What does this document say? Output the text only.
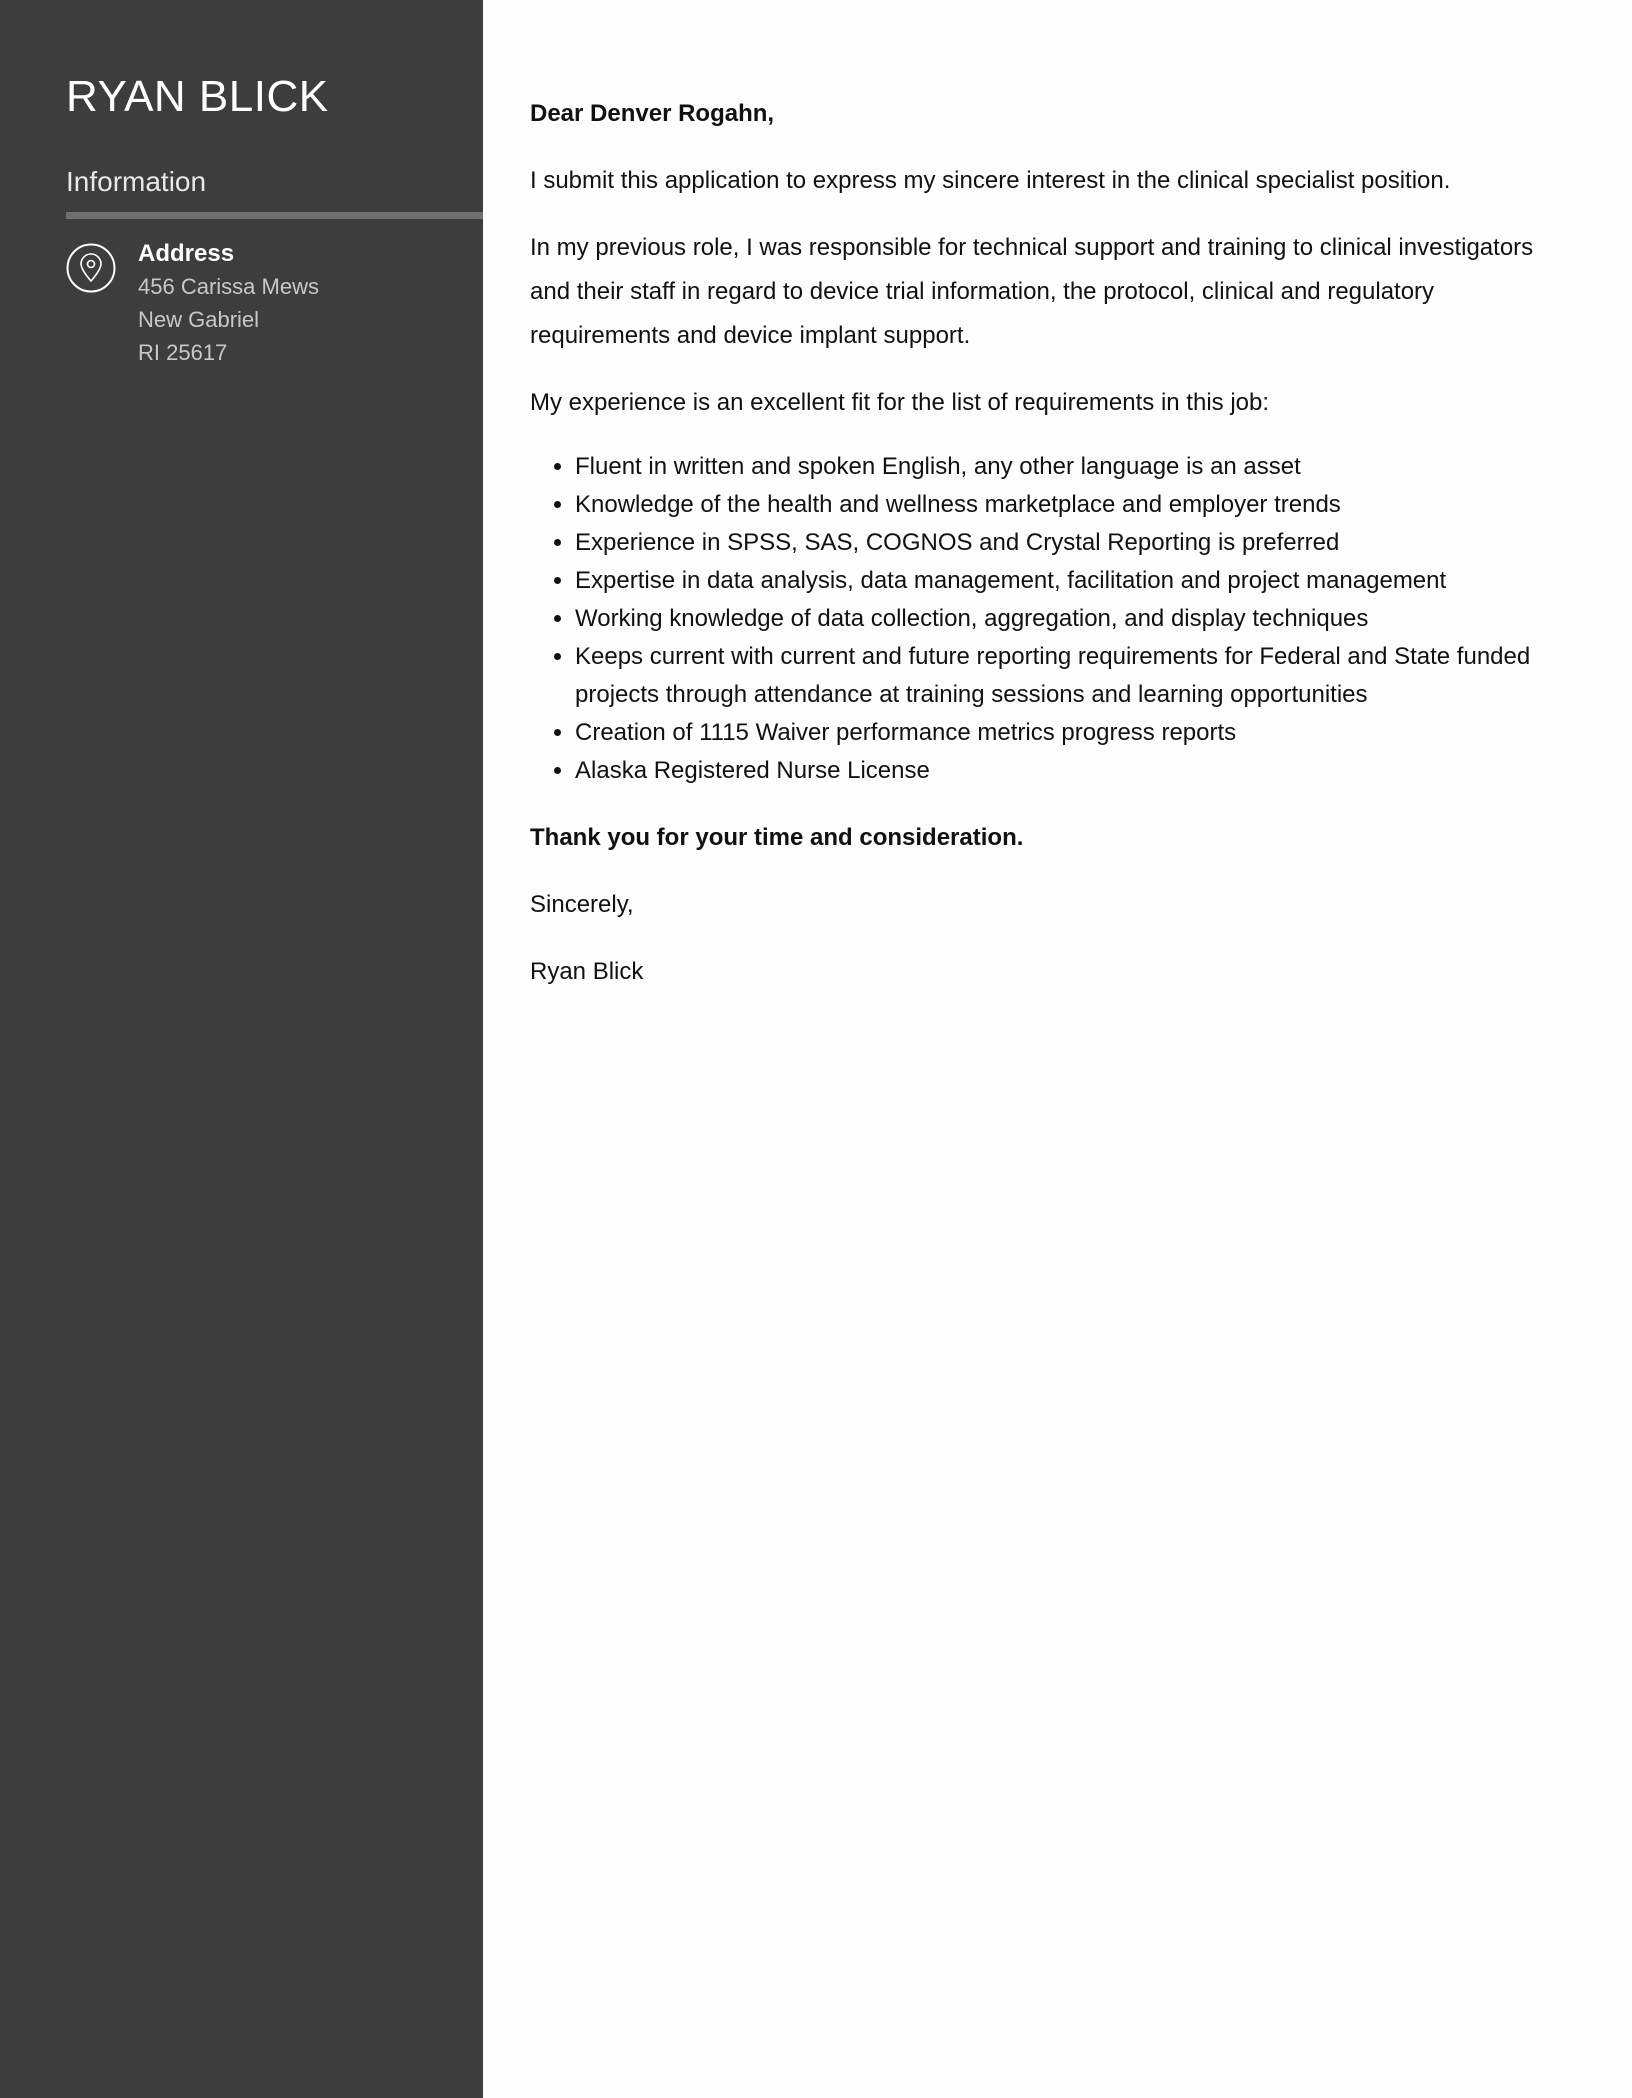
RYAN BLICK
Information
Address
456 Carissa Mews
New Gabriel
RI 25617

Dear Denver Rogahn,

I submit this application to express my sincere interest in the clinical specialist position.

In my previous role, I was responsible for technical support and training to clinical investigators and their staff in regard to device trial information, the protocol, clinical and regulatory requirements and device implant support.

My experience is an excellent fit for the list of requirements in this job:

• Fluent in written and spoken English, any other language is an asset
• Knowledge of the health and wellness marketplace and employer trends
• Experience in SPSS, SAS, COGNOS and Crystal Reporting is preferred
• Expertise in data analysis, data management, facilitation and project management
• Working knowledge of data collection, aggregation, and display techniques
• Keeps current with current and future reporting requirements for Federal and State funded projects through attendance at training sessions and learning opportunities
• Creation of 1115 Waiver performance metrics progress reports
• Alaska Registered Nurse License

Thank you for your time and consideration.

Sincerely,

Ryan Blick
